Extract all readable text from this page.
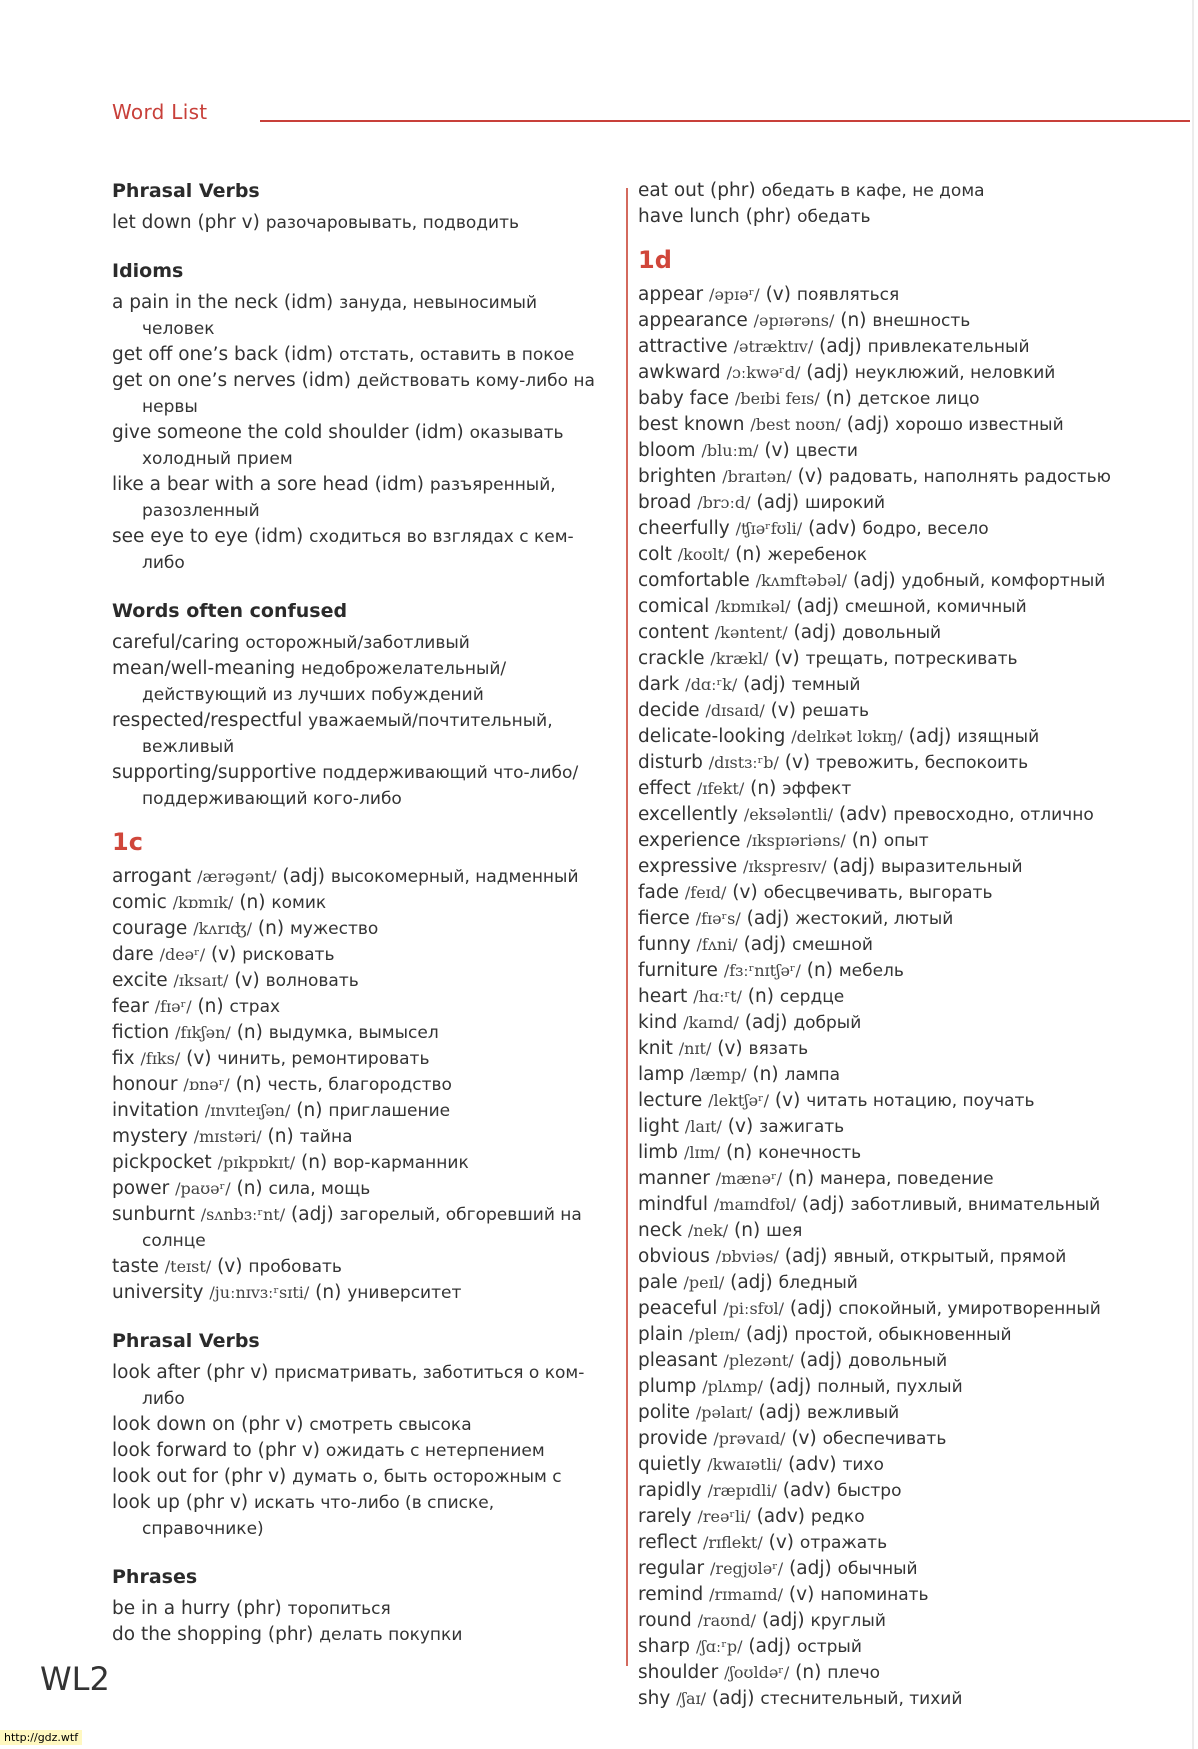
Word List
Phrasal Verbs
let down (phr v) разочаровывать, подводить
Idioms
a pain in the neck (idm) зануда, невыносимый человек
get off one’s back (idm) отстать, оставить в покое
get on one’s nerves (idm) действовать кому-либо на нервы
give someone the cold shoulder (idm) оказывать холодный прием
like a bear with a sore head (idm) разъяренный, разозленный
see eye to eye (idm) сходиться во взглядах с кем-либо
Words often confused
careful/caring осторожный/заботливый
mean/well-meaning недоброжелательный/действующий из лучших побуждений
respected/respectful уважаемый/почтительный, вежливый
supporting/supportive поддерживающий что-либо/поддерживающий кого-либо
1c
arrogant /ærəgənt/ (adj) высокомерный, надменный
comic /kɒmɪk/ (n) комик
courage /kʌrɪʤ/ (n) мужество
dare /deəʳ/ (v) рисковать
excite /ɪksaɪt/ (v) волновать
fear /fɪəʳ/ (n) страх
fiction /fɪkʃən/ (n) выдумка, вымысел
fix /fɪks/ (v) чинить, ремонтировать
honour /ɒnəʳ/ (n) честь, благородство
invitation /ɪnvɪteɪʃən/ (n) приглашение
mystery /mɪstəri/ (n) тайна
pickpocket /pɪkpɒkɪt/ (n) вор-карманник
power /paʊəʳ/ (n) сила, мощь
sunburnt /sʌnbɜːʳnt/ (adj) загорелый, обгоревший на солнце
taste /teɪst/ (v) пробовать
university /juːnɪvɜːʳsɪti/ (n) университет
Phrasal Verbs
look after (phr v) присматривать, заботиться о ком-либо
look down on (phr v) смотреть свысока
look forward to (phr v) ожидать с нетерпением
look out for (phr v) думать о, быть осторожным с
look up (phr v) искать что-либо (в списке, справочнике)
Phrases
be in a hurry (phr) торопиться
do the shopping (phr) делать покупки
eat out (phr) обедать в кафе, не дома
have lunch (phr) обедать
1d
appear /əpɪəʳ/ (v) появляться
appearance /əpɪərəns/ (n) внешность
attractive /ətræktɪv/ (adj) привлекательный
awkward /ɔːkwəʳd/ (adj) неуклюжий, неловкий
baby face /beɪbi feɪs/ (n) детское лицо
best known /best noʊn/ (adj) хорошо известный
bloom /bluːm/ (v) цвести
brighten /braɪtən/ (v) радовать, наполнять радостью
broad /brɔːd/ (adj) широкий
cheerfully /ʧɪəʳfʊli/ (adv) бодро, весело
colt /koʊlt/ (n) жеребенок
comfortable /kʌmftəbəl/ (adj) удобный, комфортный
comical /kɒmɪkəl/ (adj) смешной, комичный
content /kəntent/ (adj) довольный
crackle /krækl/ (v) трещать, потрескивать
dark /dɑːʳk/ (adj) темный
decide /dɪsaɪd/ (v) решать
delicate-looking /delɪkət lʊkɪŋ/ (adj) изящный
disturb /dɪstɜːʳb/ (v) тревожить, беспокоить
effect /ɪfekt/ (n) эффект
excellently /eksələntli/ (adv) превосходно, отлично
experience /ɪkspɪəriəns/ (n) опыт
expressive /ɪkspresɪv/ (adj) выразительный
fade /feɪd/ (v) обесцвечивать, выгорать
fierce /fɪəʳs/ (adj) жестокий, лютый
funny /fʌni/ (adj) смешной
furniture /fɜːʳnɪtʃəʳ/ (n) мебель
heart /hɑːʳt/ (n) сердце
kind /kaɪnd/ (adj) добрый
knit /nɪt/ (v) вязать
lamp /læmp/ (n) лампа
lecture /lektʃəʳ/ (v) читать нотацию, поучать
light /laɪt/ (v) зажигать
limb /lɪm/ (n) конечность
manner /mænəʳ/ (n) манера, поведение
mindful /maɪndfʊl/ (adj) заботливый, внимательный
neck /nek/ (n) шея
obvious /ɒbviəs/ (adj) явный, открытый, прямой
pale /peɪl/ (adj) бледный
peaceful /piːsfʊl/ (adj) спокойный, умиротворенный
plain /pleɪn/ (adj) простой, обыкновенный
pleasant /plezənt/ (adj) довольный
plump /plʌmp/ (adj) полный, пухлый
polite /pəlaɪt/ (adj) вежливый
provide /prəvaɪd/ (v) обеспечивать
quietly /kwaɪətli/ (adv) тихо
rapidly /ræpɪdli/ (adv) быстро
rarely /reəʳli/ (adv) редко
reflect /rɪflekt/ (v) отражать
regular /regjʊləʳ/ (adj) обычный
remind /rɪmaɪnd/ (v) напоминать
round /raʊnd/ (adj) круглый
sharp /ʃɑːʳp/ (adj) острый
shoulder /ʃoʊldəʳ/ (n) плечо
shy /ʃaɪ/ (adj) стеснительный, тихий
WL2
http://gdz.wtf
